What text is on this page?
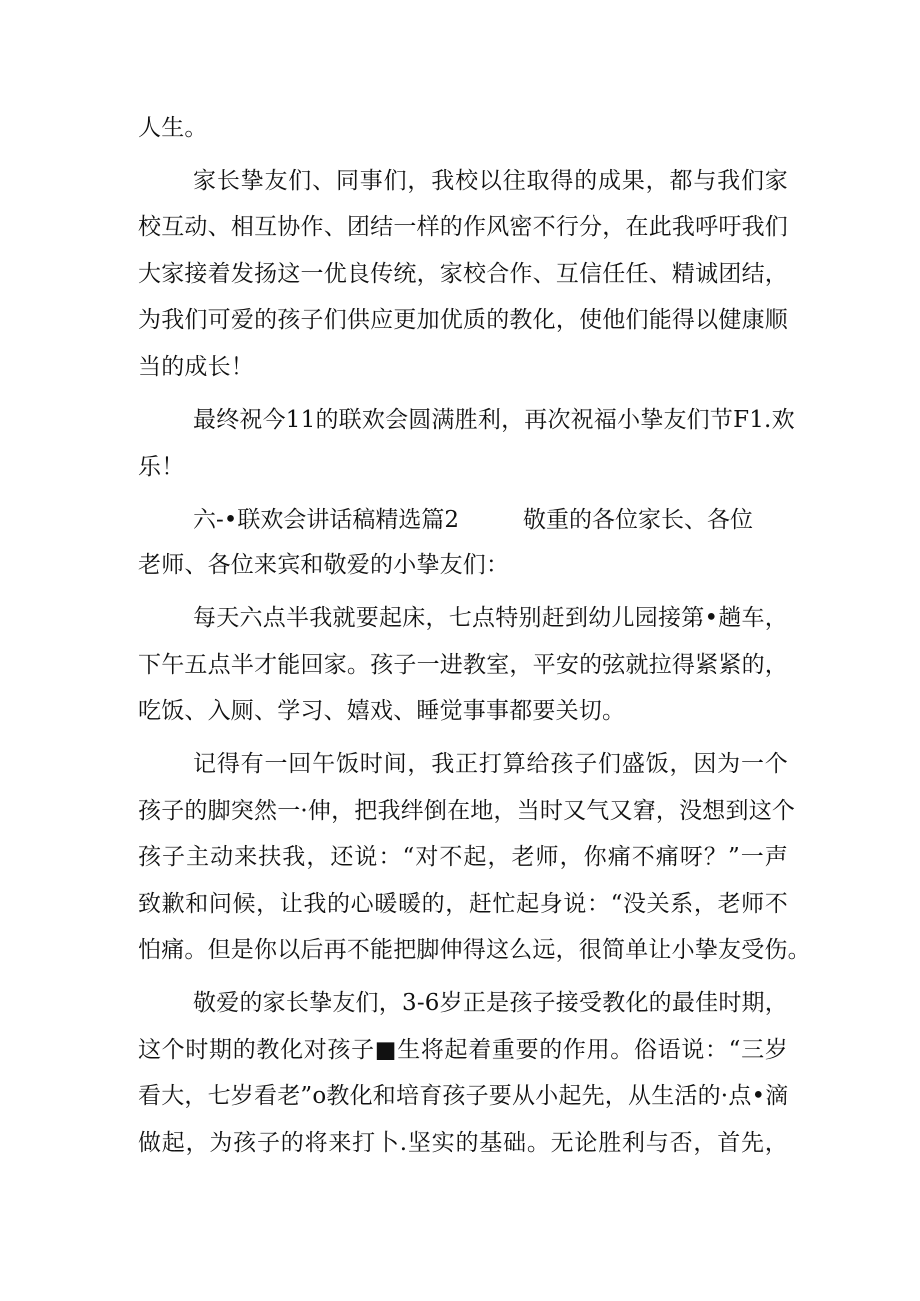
人生。
家长挚友们、同事们，我校以往取得的成果，都与我们家
校互动、相互协作、团结一样的作风密不行分，在此我呼吁我们
大家接着发扬这一优良传统，家校合作、互信任任、精诚团结，
为我们可爱的孩子们供应更加优质的教化，使他们能得以健康顺
当的成长！
最终祝今11的联欢会圆满胜利，再次祝福小挚友们节F1.欢
乐！
六-•联欢会讲话稿精选篇2	敬重的各位家长、各位
老师、各位来宾和敬爱的小挚友们：
每天六点半我就要起床，七点特别赶到幼儿园接第•趟车，
下午五点半才能回家。孩子一进教室，平安的弦就拉得紧紧的，
吃饭、入厕、学习、嬉戏、睡觉事事都要关切。
记得有一回午饭时间，我正打算给孩子们盛饭，因为一个
孩子的脚突然一·伸，把我绊倒在地，当时又气又窘，没想到这个
孩子主动来扶我，还说：“对不起，老师，你痛不痛呀？”一声
致歉和问候，让我的心暖暖的，赶忙起身说：“没关系，老师不
怕痛。但是你以后再不能把脚伸得这么远，很简单让小挚友受伤。
敬爱的家长挚友们，3-6岁正是孩子接受教化的最佳时期，
这个时期的教化对孩子■生将起着重要的作用。俗语说：“三岁
看大，七岁看老”o教化和培育孩子要从小起先，从生活的·点•滴
做起，为孩子的将来打卜.坚实的基础。无论胜利与否，首先，
